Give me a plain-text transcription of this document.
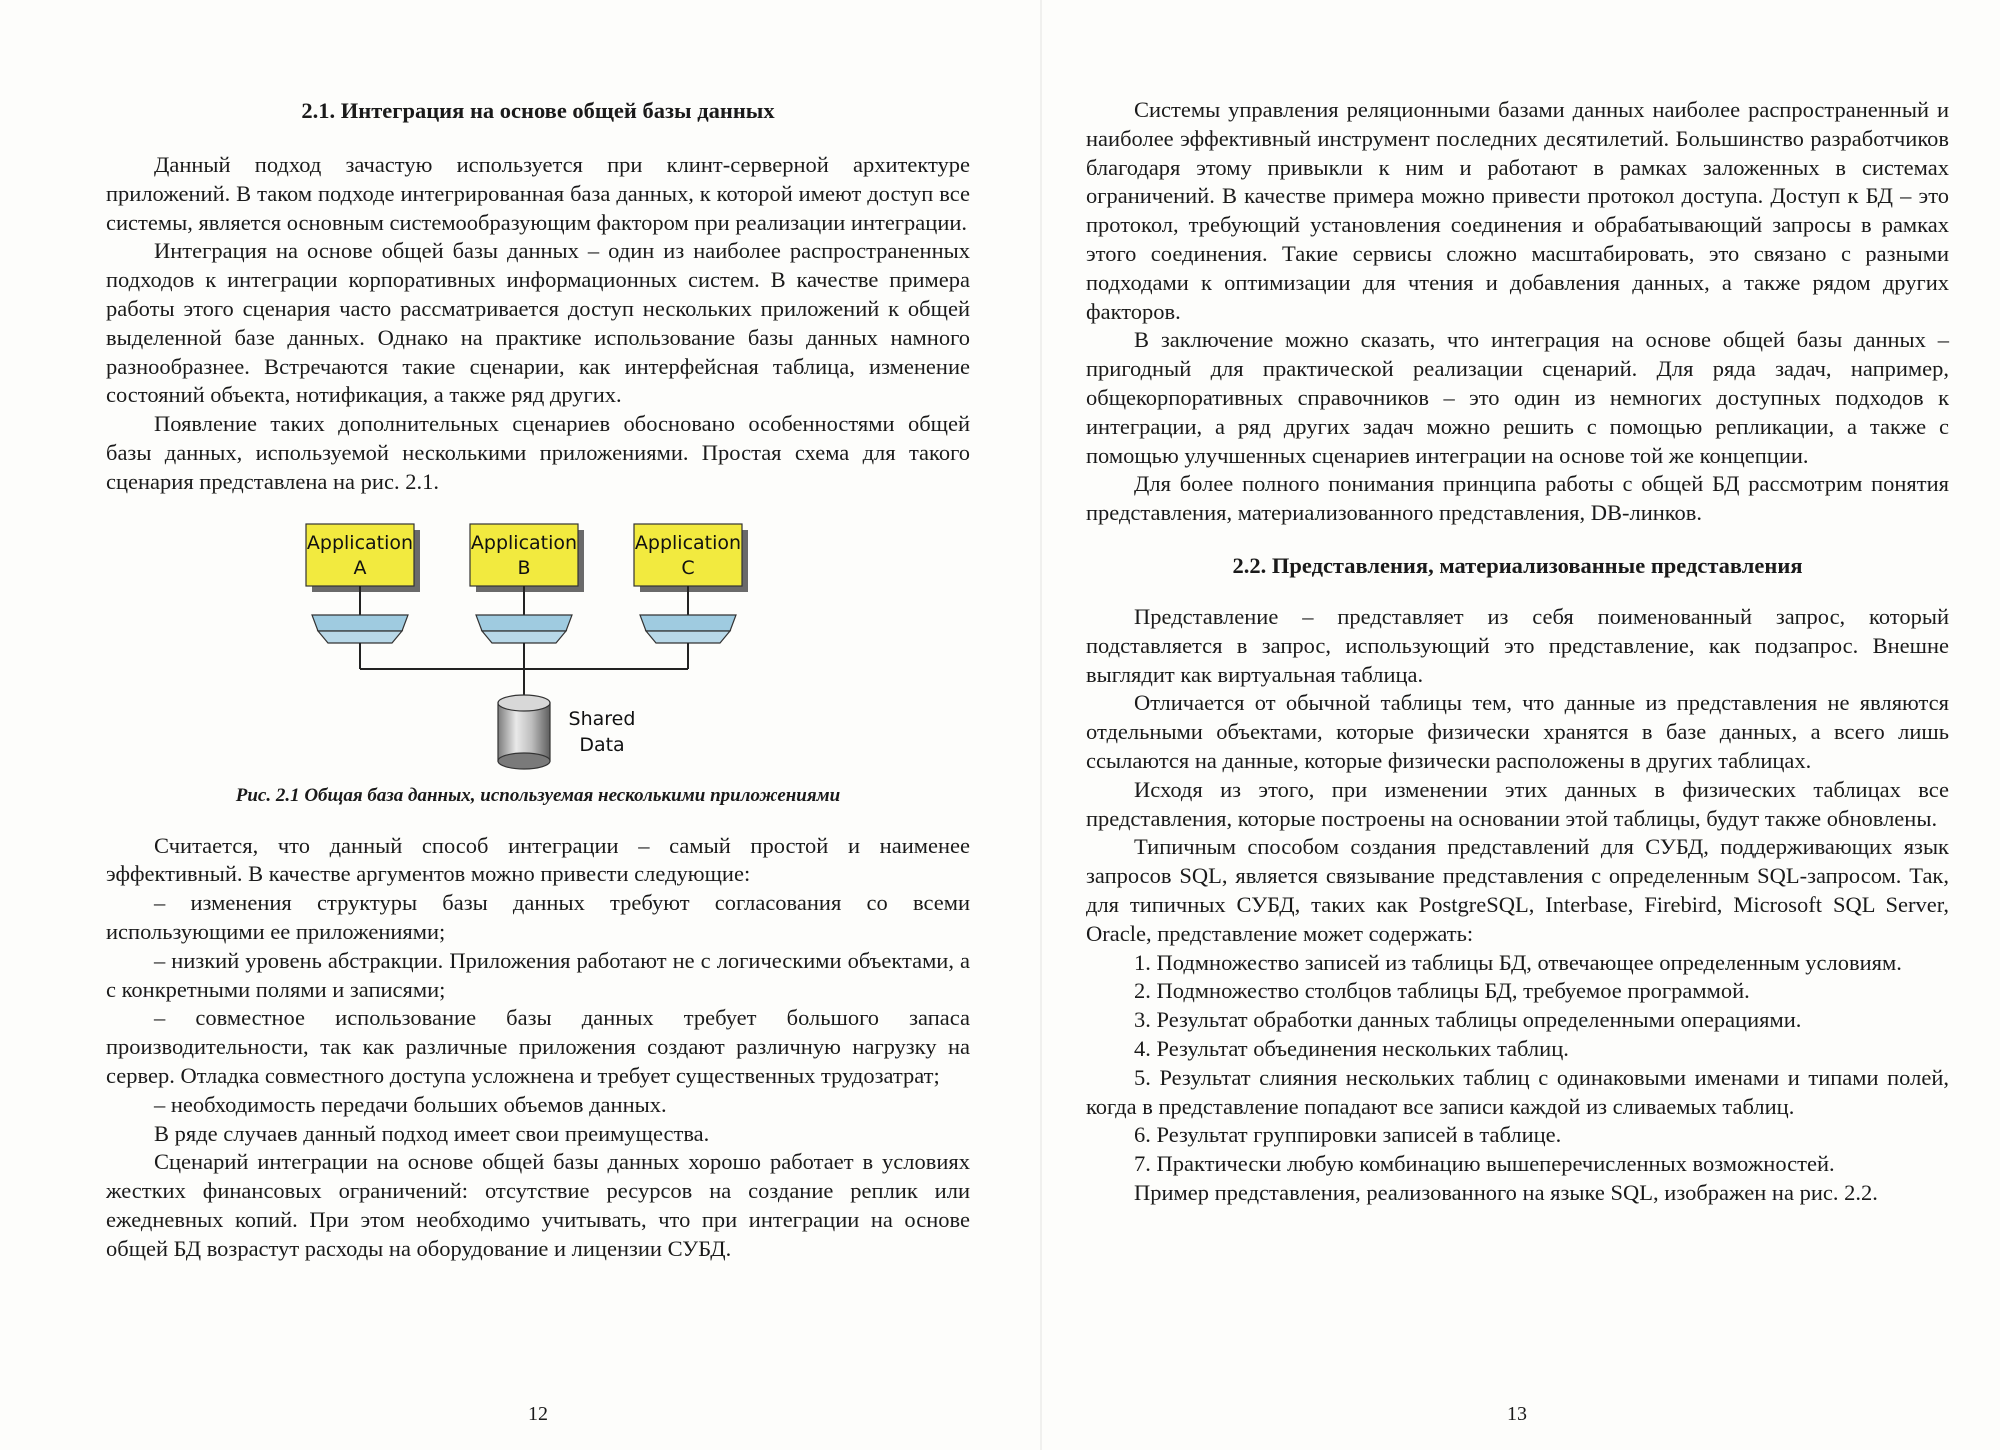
2.1. Интеграция на основе общей базы данных

Данный подход зачастую используется при клинт-серверной архитектуре приложений. В таком подходе интегрированная база данных, к которой имеют доступ все системы, является основным системообразующим фактором при реализации интеграции.

Интеграция на основе общей базы данных – один из наиболее распространенных подходов к интеграции корпоративных информационных систем. В качестве примера работы этого сценария часто рассматривается доступ нескольких приложений к общей выделенной базе данных. Однако на практике использование базы данных намного разнообразнее. Встречаются такие сценарии, как интерфейсная таблица, изменение состояний объекта, нотификация, а также ряд других.

Появление таких дополнительных сценариев обосновано особенностями общей базы данных, используемой несколькими приложениями. Простая схема для такого сценария представлена на рис. 2.1.

Application
A
Application
B
Application
C
Shared
Data
Рис. 2.1 Общая база данных, используемая несколькими приложениями

Считается, что данный способ интеграции – самый простой и наименее эффективный. В качестве аргументов можно привести следующие:

– изменения структуры базы данных требуют согласования со всеми использующими ее приложениями;

– низкий уровень абстракции. Приложения работают не с логическими объектами, а с конкретными полями и записями;

– совместное использование базы данных требует большого запаса производительности, так как различные приложения создают различную нагрузку на сервер. Отладка совместного доступа усложнена и требует существенных трудозатрат;

– необходимость передачи больших объемов данных.

В ряде случаев данный подход имеет свои преимущества.

Сценарий интеграции на основе общей базы данных хорошо работает в условиях жестких финансовых ограничений: отсутствие ресурсов на создание реплик или ежедневных копий. При этом необходимо учитывать, что при интеграции на основе общей БД возрастут расходы на оборудование и лицензии СУБД.

12

Системы управления реляционными базами данных наиболее распространенный и наиболее эффективный инструмент последних десятилетий. Большинство разработчиков благодаря этому привыкли к ним и работают в рамках заложенных в системах ограничений. В качестве примера можно привести протокол доступа. Доступ к БД – это протокол, требующий установления соединения и обрабатывающий запросы в рамках этого соединения. Такие сервисы сложно масштабировать, это связано с разными подходами к оптимизации для чтения и добавления данных, а также рядом других факторов.

В заключение можно сказать, что интеграция на основе общей базы данных – пригодный для практической реализации сценарий. Для ряда задач, например, общекорпоративных справочников – это один из немногих доступных подходов к интеграции, а ряд других задач можно решить с помощью репликации, а также с помощью улучшенных сценариев интеграции на основе той же концепции.

Для более полного понимания принципа работы с общей БД рассмотрим понятия представления, материализованного представления, DB-линков.

2.2. Представления, материализованные представления

Представление – представляет из себя поименованный запрос, который подставляется в запрос, использующий это представление, как подзапрос. Внешне выглядит как виртуальная таблица.

Отличается от обычной таблицы тем, что данные из представления не являются отдельными объектами, которые физически хранятся в базе данных, а всего лишь ссылаются на данные, которые физически расположены в других таблицах.

Исходя из этого, при изменении этих данных в физических таблицах все представления, которые построены на основании этой таблицы, будут также обновлены.

Типичным способом создания представлений для СУБД, поддерживающих язык запросов SQL, является связывание представления с определенным SQL-запросом. Так, для типичных СУБД, таких как PostgreSQL, Interbase, Firebird, Microsoft SQL Server, Oracle, представление может содержать:

1. Подмножество записей из таблицы БД, отвечающее определенным условиям.

2. Подмножество столбцов таблицы БД, требуемое программой.

3. Результат обработки данных таблицы определенными операциями.

4. Результат объединения нескольких таблиц.

5. Результат слияния нескольких таблиц с одинаковыми именами и типами полей, когда в представление попадают все записи каждой из сливаемых таблиц.

6. Результат группировки записей в таблице.

7. Практически любую комбинацию вышеперечисленных возможностей.

Пример представления, реализованного на языке SQL, изображен на рис. 2.2.

13
